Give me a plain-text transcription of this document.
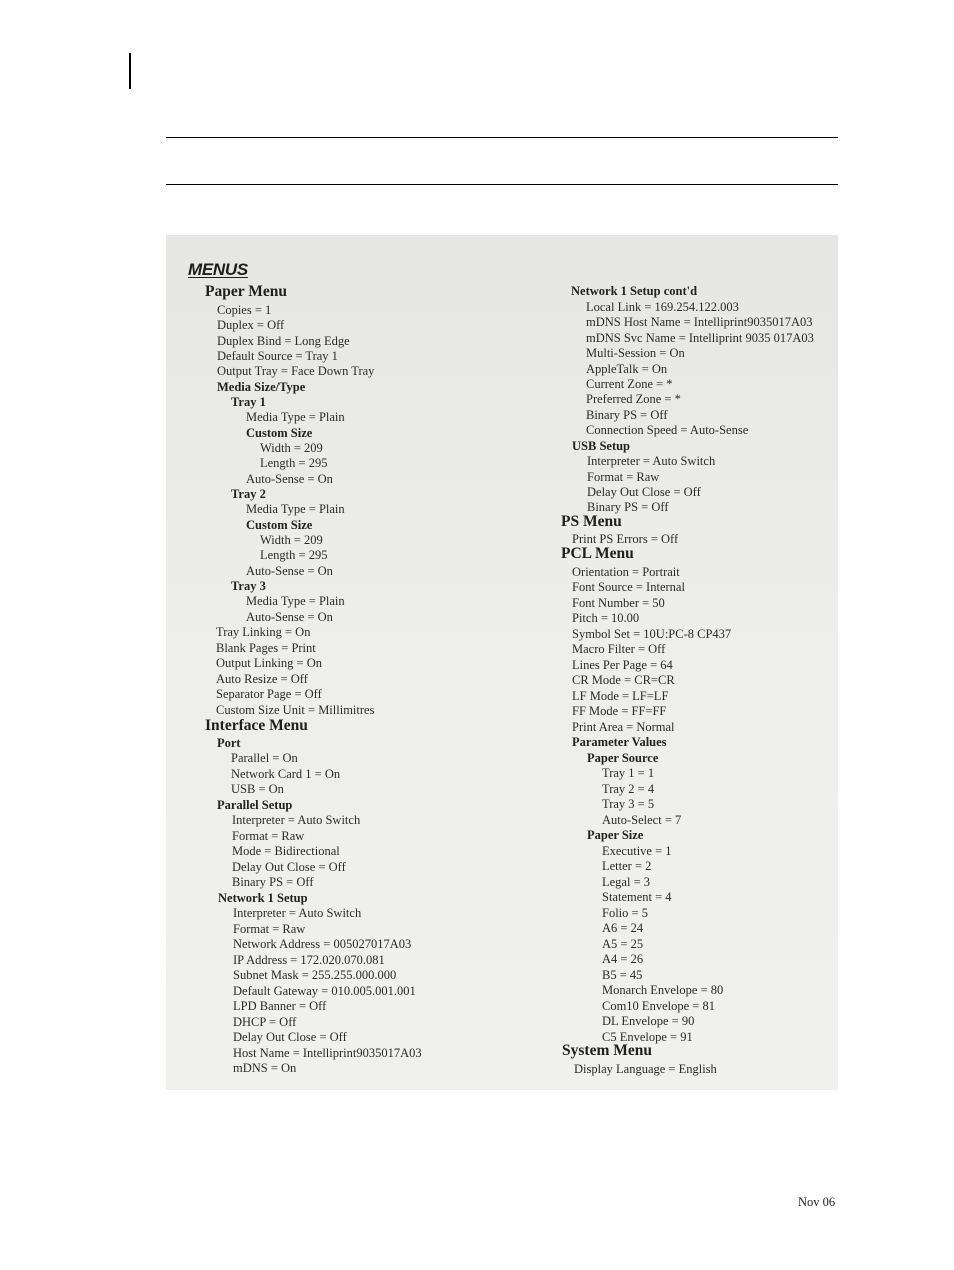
MENUS
Paper Menu
Copies = 1
Duplex = Off
Duplex Bind = Long Edge
Default Source = Tray 1
Output Tray = Face Down Tray
Media Size/Type
Tray 1
Media Type = Plain
Custom Size
Width = 209
Length = 295
Auto-Sense = On
Tray 2
Media Type = Plain
Custom Size
Width = 209
Length = 295
Auto-Sense = On
Tray 3
Media Type = Plain
Auto-Sense = On
Tray Linking = On
Blank Pages = Print
Output Linking = On
Auto Resize = Off
Separator Page = Off
Custom Size Unit = Millimitres
Interface Menu
Port
Parallel = On
Network Card 1 = On
USB = On
Parallel Setup
Interpreter = Auto Switch
Format = Raw
Mode = Bidirectional
Delay Out Close = Off
Binary PS = Off
Network 1 Setup
Interpreter = Auto Switch
Format = Raw
Network Address = 005027017A03
IP Address = 172.020.070.081
Subnet Mask = 255.255.000.000
Default Gateway = 010.005.001.001
LPD Banner = Off
DHCP = Off
Delay Out Close = Off
Host Name = Intelliprint9035017A03
mDNS = On
Network 1 Setup cont'd
Local Link = 169.254.122.003
mDNS Host Name = Intelliprint9035017A03
mDNS Svc Name = Intelliprint 9035 017A03
Multi-Session = On
AppleTalk = On
Current Zone = *
Preferred Zone = *
Binary PS = Off
Connection Speed = Auto-Sense
USB Setup
Interpreter = Auto Switch
Format = Raw
Delay Out Close = Off
Binary PS = Off
PS Menu
Print PS Errors = Off
PCL Menu
Orientation = Portrait
Font Source = Internal
Font Number = 50
Pitch = 10.00
Symbol Set = 10U:PC-8 CP437
Macro Filter = Off
Lines Per Page = 64
CR Mode = CR=CR
LF Mode = LF=LF
FF Mode = FF=FF
Print Area = Normal
Parameter Values
Paper Source
Tray 1 = 1
Tray 2 = 4
Tray 3 = 5
Auto-Select = 7
Paper Size
Executive = 1
Letter = 2
Legal = 3
Statement = 4
Folio = 5
A6 = 24
A5 = 25
A4 = 26
B5 = 45
Monarch Envelope = 80
Com10 Envelope = 81
DL Envelope = 90
C5 Envelope = 91
System Menu
Display Language = English
Nov 06
